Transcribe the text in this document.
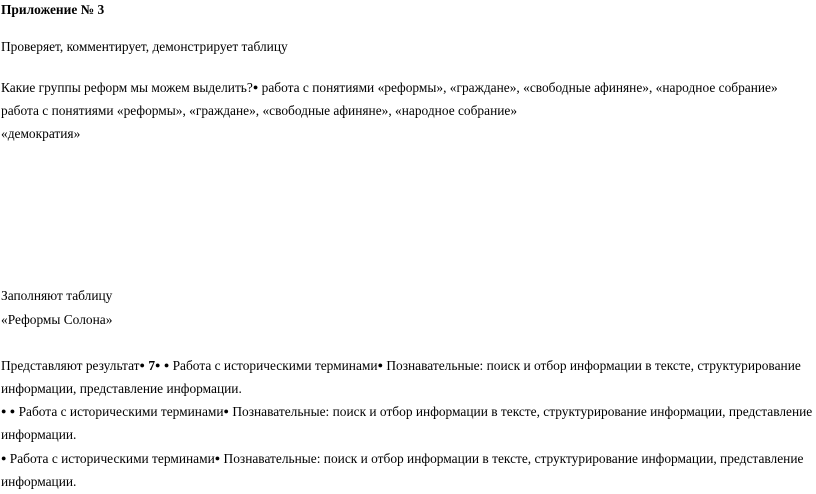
Приложение № 3
Проверяет, комментирует, демонстрирует таблицу
Какие группы реформ мы можем выделить?● работа с понятиями «реформы», «граждане», «свободные афиняне», «народное собрание»
работа с понятиями «реформы», «граждане», «свободные афиняне», «народное собрание»
«демократия»
Заполняют таблицу
«Реформы Солона»
Представляют результат● 7● ● Работа с историческими терминами● Познавательные: поиск и отбор информации в тексте, структурирование
информации, представление информации.
● ● Работа с историческими терминами● Познавательные: поиск и отбор информации в тексте, структурирование информации, представление
информации.
● Работа с историческими терминами● Познавательные: поиск и отбор информации в тексте, структурирование информации, представление
информации.
